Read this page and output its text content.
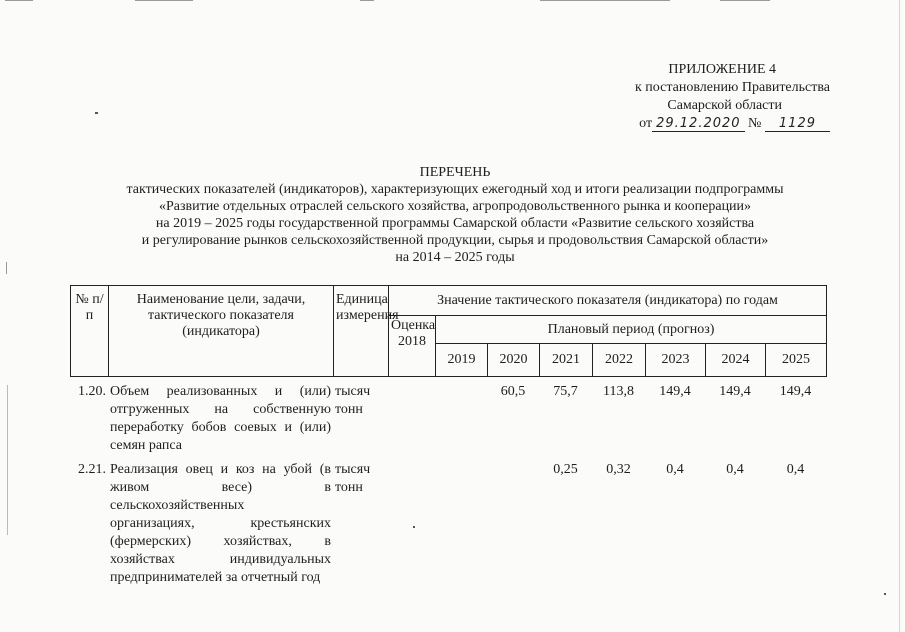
ПРИЛОЖЕНИЕ 4
к постановлению Правительства
Самарской области
от 29.12.2020 № 1129
ПЕРЕЧЕНЬ
тактических показателей (индикаторов), характеризующих ежегодный ход и итоги реализации подпрограммы
«Развитие отдельных отраслей сельского хозяйства, агропродовольственного рынка и кооперации»
на 2019 – 2025 годы государственной программы Самарской области «Развитие сельского хозяйства
и регулирование рынков сельскохозяйственной продукции, сырья и продовольствия Самарской области»
на 2014 – 2025 годы
№ п/п	Наименование цели, задачи, тактического показателя (индикатора)	Единица измерения	Значение тактического показателя (индикатора) по годам							
			Оценка 2018	Плановый период (прогноз)						
				2019	2020	2021	2022	2023	2024	2025
1.20.	Объем реализованных и (или) отгруженных на собственную переработку бобов соевых и (или) семян рапса	тысяч тонн			60,5	75,7	113,8	149,4	149,4	149,4
2.21.	Реализация овец и коз на убой (в живом весе) в сельскохозяйственных организациях, крестьянских (фермерских) хозяйствах, в хозяйствах индивидуальных предпринимателей за отчетный год	тысяч тонн				0,25	0,32	0,4	0,4	0,4
